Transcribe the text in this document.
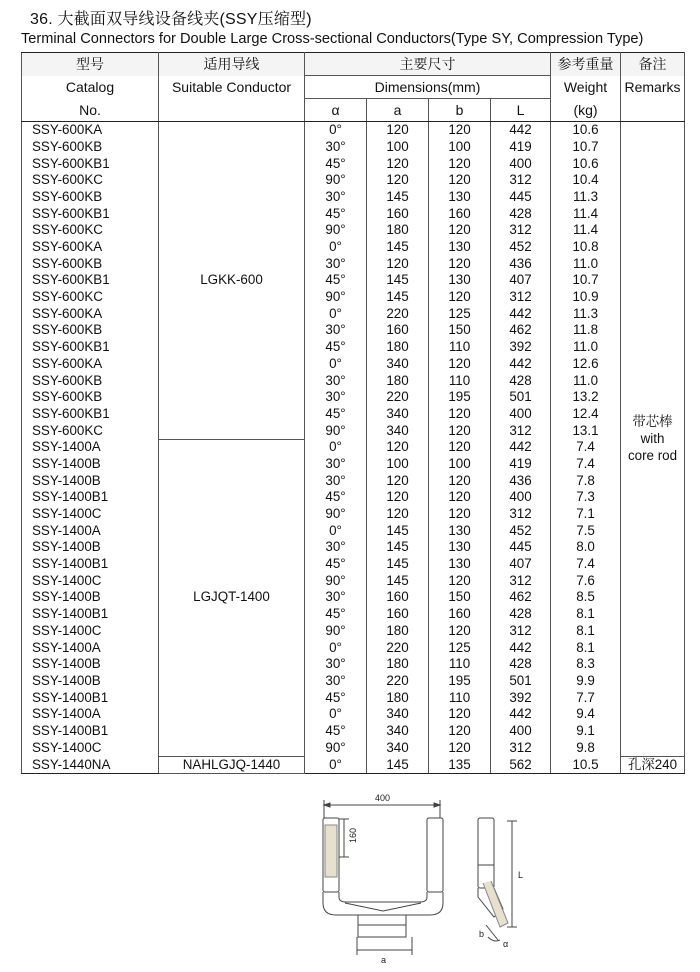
36. 大截面双导线设备线夹(SSY压缩型)
Terminal Connectors for Double Large Cross-sectional Conductors(Type SY, Compression Type)
型号	适用导线	主要尺寸				参考重量	备注
Catalog	Suitable Conductor	Dimensions(mm)				Weight	Remarks
No.		α	a	b	L	(kg)	
SSY-600KA	LGKK-600	0°	120	120	442	10.6	带芯棒
with
core rod

SSY-600KB		30°	100	100	419	10.7	
SSY-600KB1		45°	120	120	400	10.6	
SSY-600KC		90°	120	120	312	10.4	
SSY-600KB		30°	145	130	445	11.3	
SSY-600KB1		45°	160	160	428	11.4	
SSY-600KC		90°	180	120	312	11.4	
SSY-600KA		0°	145	130	452	10.8	
SSY-600KB		30°	120	120	436	11.0	
SSY-600KB1		45°	145	130	407	10.7	
SSY-600KC		90°	145	120	312	10.9	
SSY-600KA		0°	220	125	442	11.3	
SSY-600KB		30°	160	150	462	11.8	
SSY-600KB1		45°	180	110	392	11.0	
SSY-600KA		0°	340	120	442	12.6	
SSY-600KB		30°	180	110	428	11.0	
SSY-600KB		30°	220	195	501	13.2	
SSY-600KB1		45°	340	120	400	12.4	
SSY-600KC		90°	340	120	312	13.1	
SSY-1400A	LGJQT-1400	0°	120	120	442	7.4	
SSY-1400B		30°	100	100	419	7.4	
SSY-1400B		30°	120	120	436	7.8	
SSY-1400B1		45°	120	120	400	7.3	
SSY-1400C		90°	120	120	312	7.1	
SSY-1400A		0°	145	130	452	7.5	
SSY-1400B		30°	145	130	445	8.0	
SSY-1400B1		45°	145	130	407	7.4	
SSY-1400C		90°	145	120	312	7.6	
SSY-1400B		30°	160	150	462	8.5	
SSY-1400B1		45°	160	160	428	8.1	
SSY-1400C		90°	180	120	312	8.1	
SSY-1400A		0°	220	125	442	8.1	
SSY-1400B		30°	180	110	428	8.3	
SSY-1400B		30°	220	195	501	9.9	
SSY-1400B1		45°	180	110	392	7.7	
SSY-1400A		0°	340	120	442	9.4	
SSY-1400B1		45°	340	120	400	9.1	
SSY-1400C		90°	340	120	312	9.8	
SSY-1440NA	NAHLGJQ-1440	0°	145	135	562	10.5	孔深240
400
160
a
L
b
α
